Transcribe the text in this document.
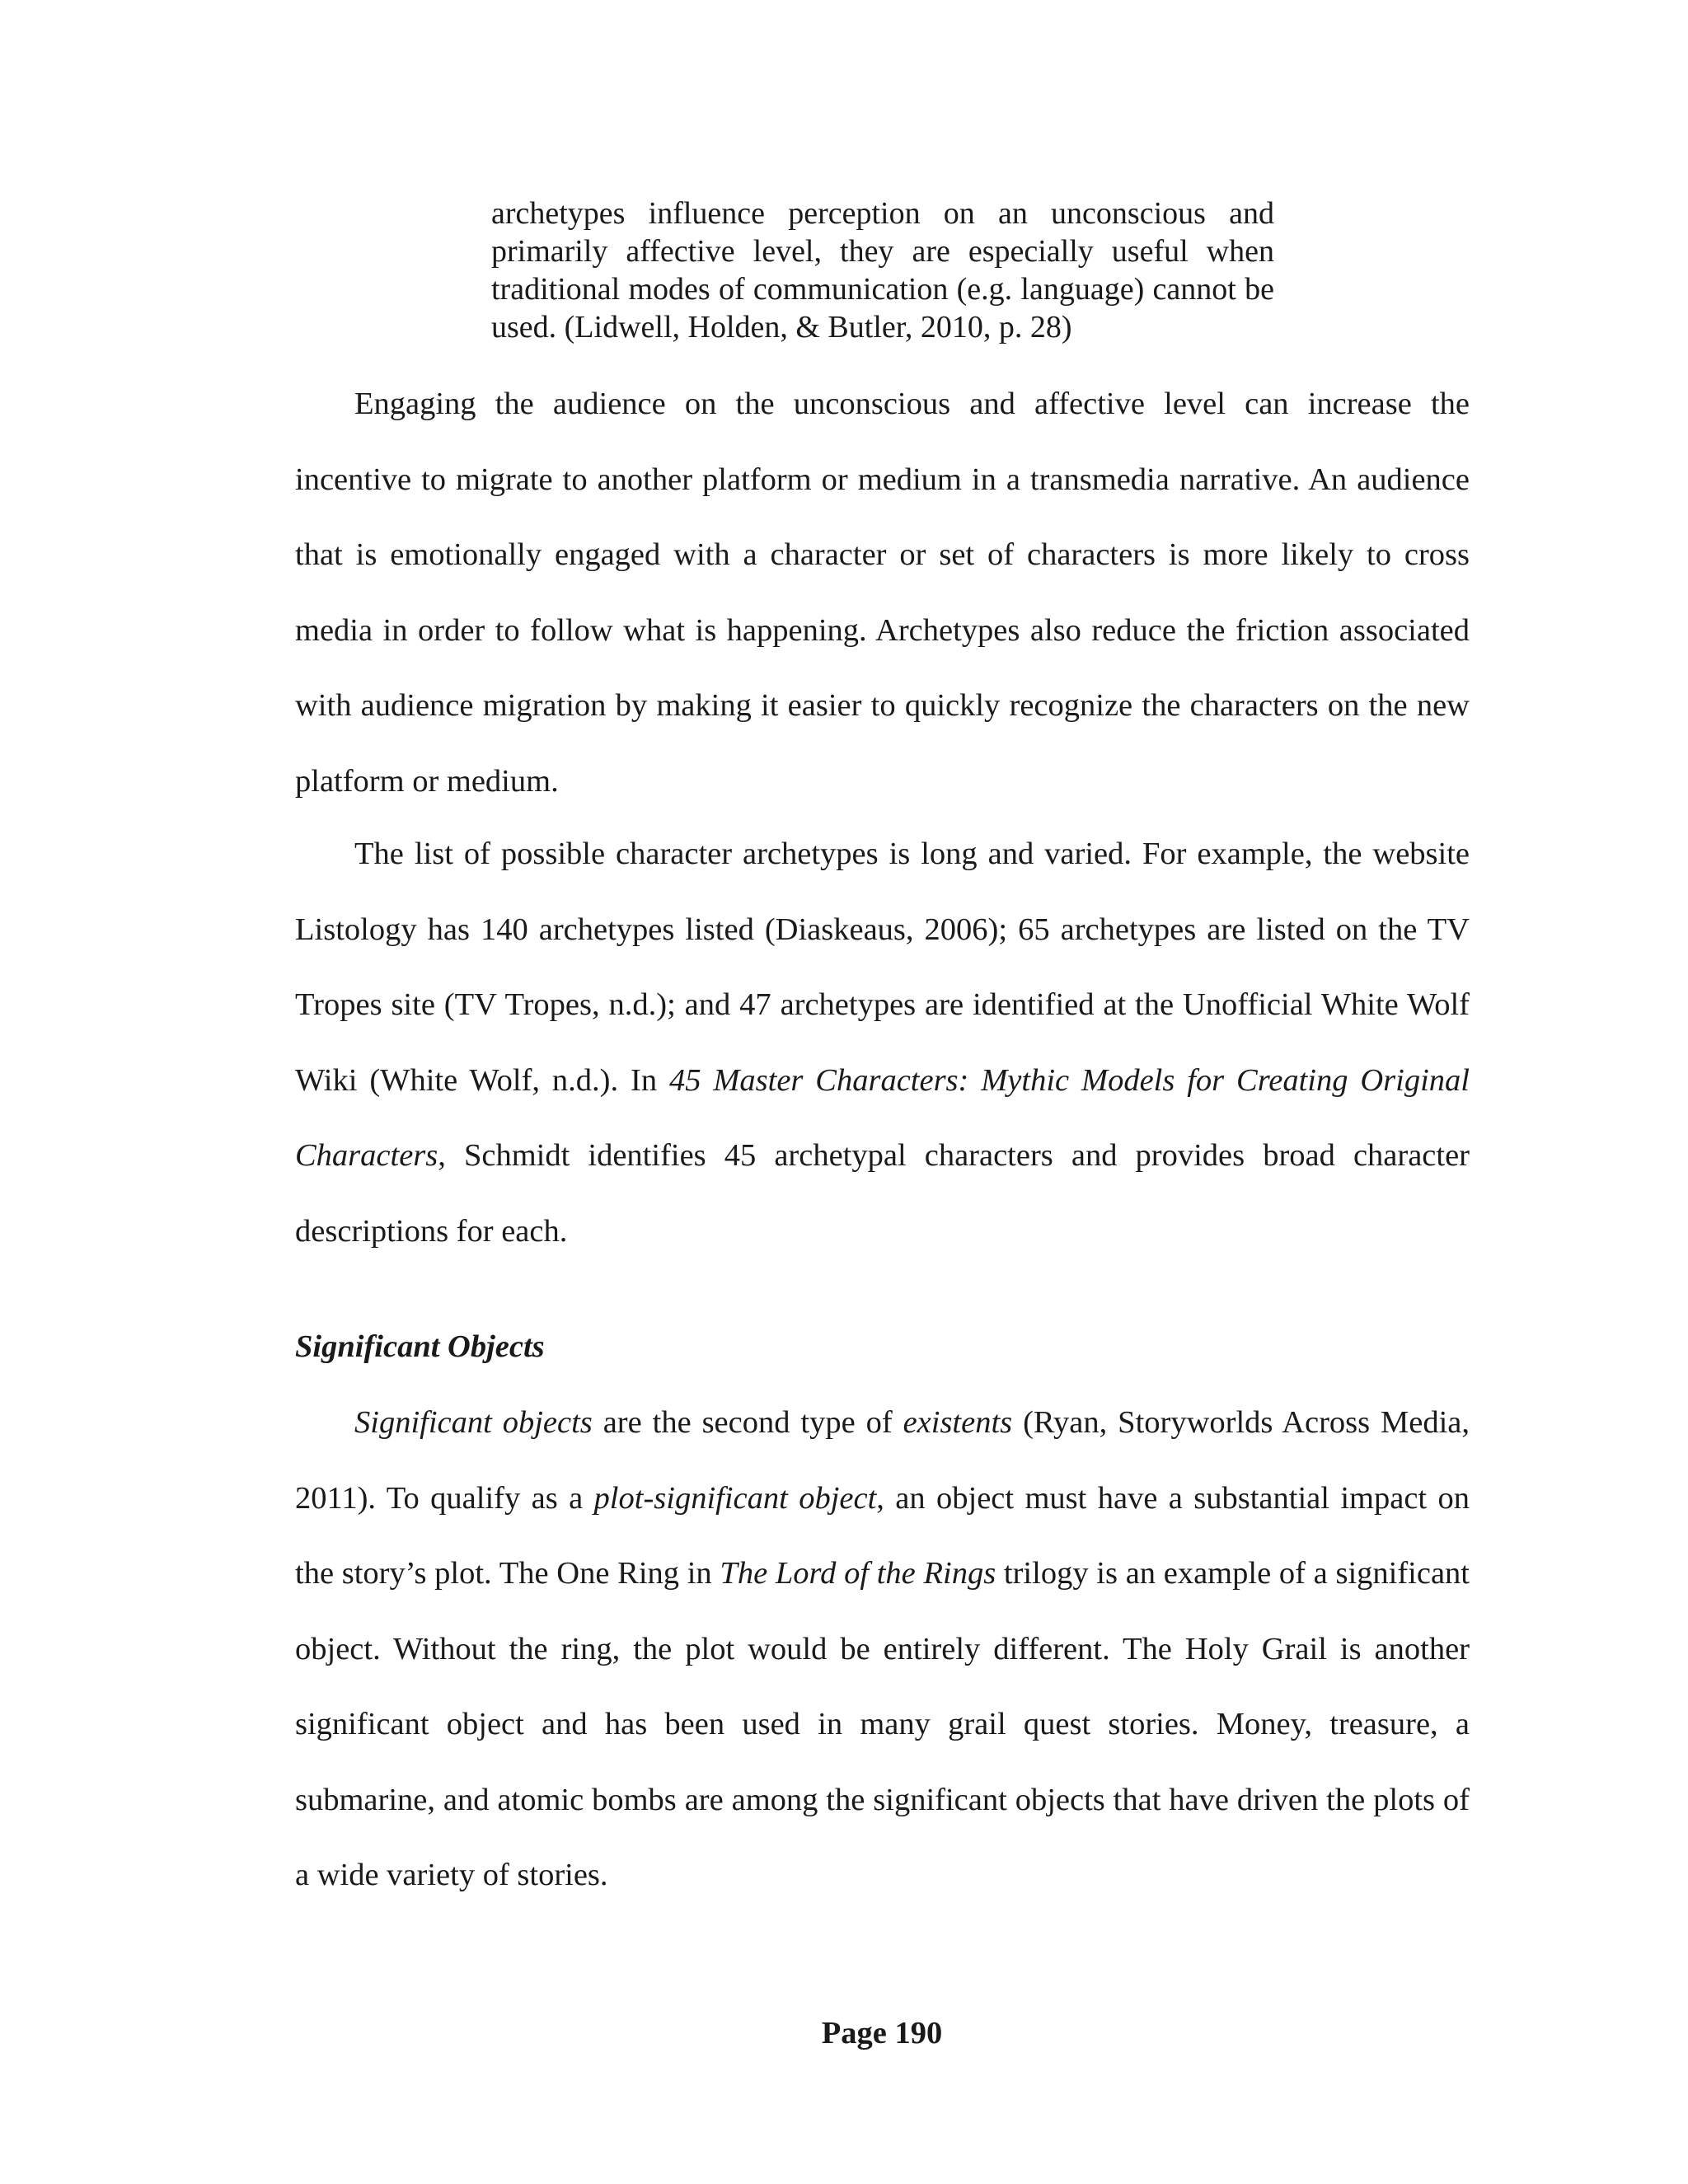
archetypes influence perception on an unconscious and primarily affective level, they are especially useful when traditional modes of communication (e.g. language) cannot be used. (Lidwell, Holden, & Butler, 2010, p. 28)

Engaging the audience on the unconscious and affective level can increase the incentive to migrate to another platform or medium in a transmedia narrative. An audience that is emotionally engaged with a character or set of characters is more likely to cross media in order to follow what is happening. Archetypes also reduce the friction associated with audience migration by making it easier to quickly recognize the characters on the new platform or medium.

The list of possible character archetypes is long and varied. For example, the website Listology has 140 archetypes listed (Diaskeaus, 2006); 65 archetypes are listed on the TV Tropes site (TV Tropes, n.d.); and 47 archetypes are identified at the Unofficial White Wolf Wiki (White Wolf, n.d.). In 45 Master Characters: Mythic Models for Creating Original Characters, Schmidt identifies 45 archetypal characters and provides broad character descriptions for each.

Significant Objects

Significant objects are the second type of existents (Ryan, Storyworlds Across Media, 2011). To qualify as a plot-significant object, an object must have a substantial impact on the story’s plot. The One Ring in The Lord of the Rings trilogy is an example of a significant object. Without the ring, the plot would be entirely different. The Holy Grail is another significant object and has been used in many grail quest stories. Money, treasure, a submarine, and atomic bombs are among the significant objects that have driven the plots of a wide variety of stories.

Page 190
